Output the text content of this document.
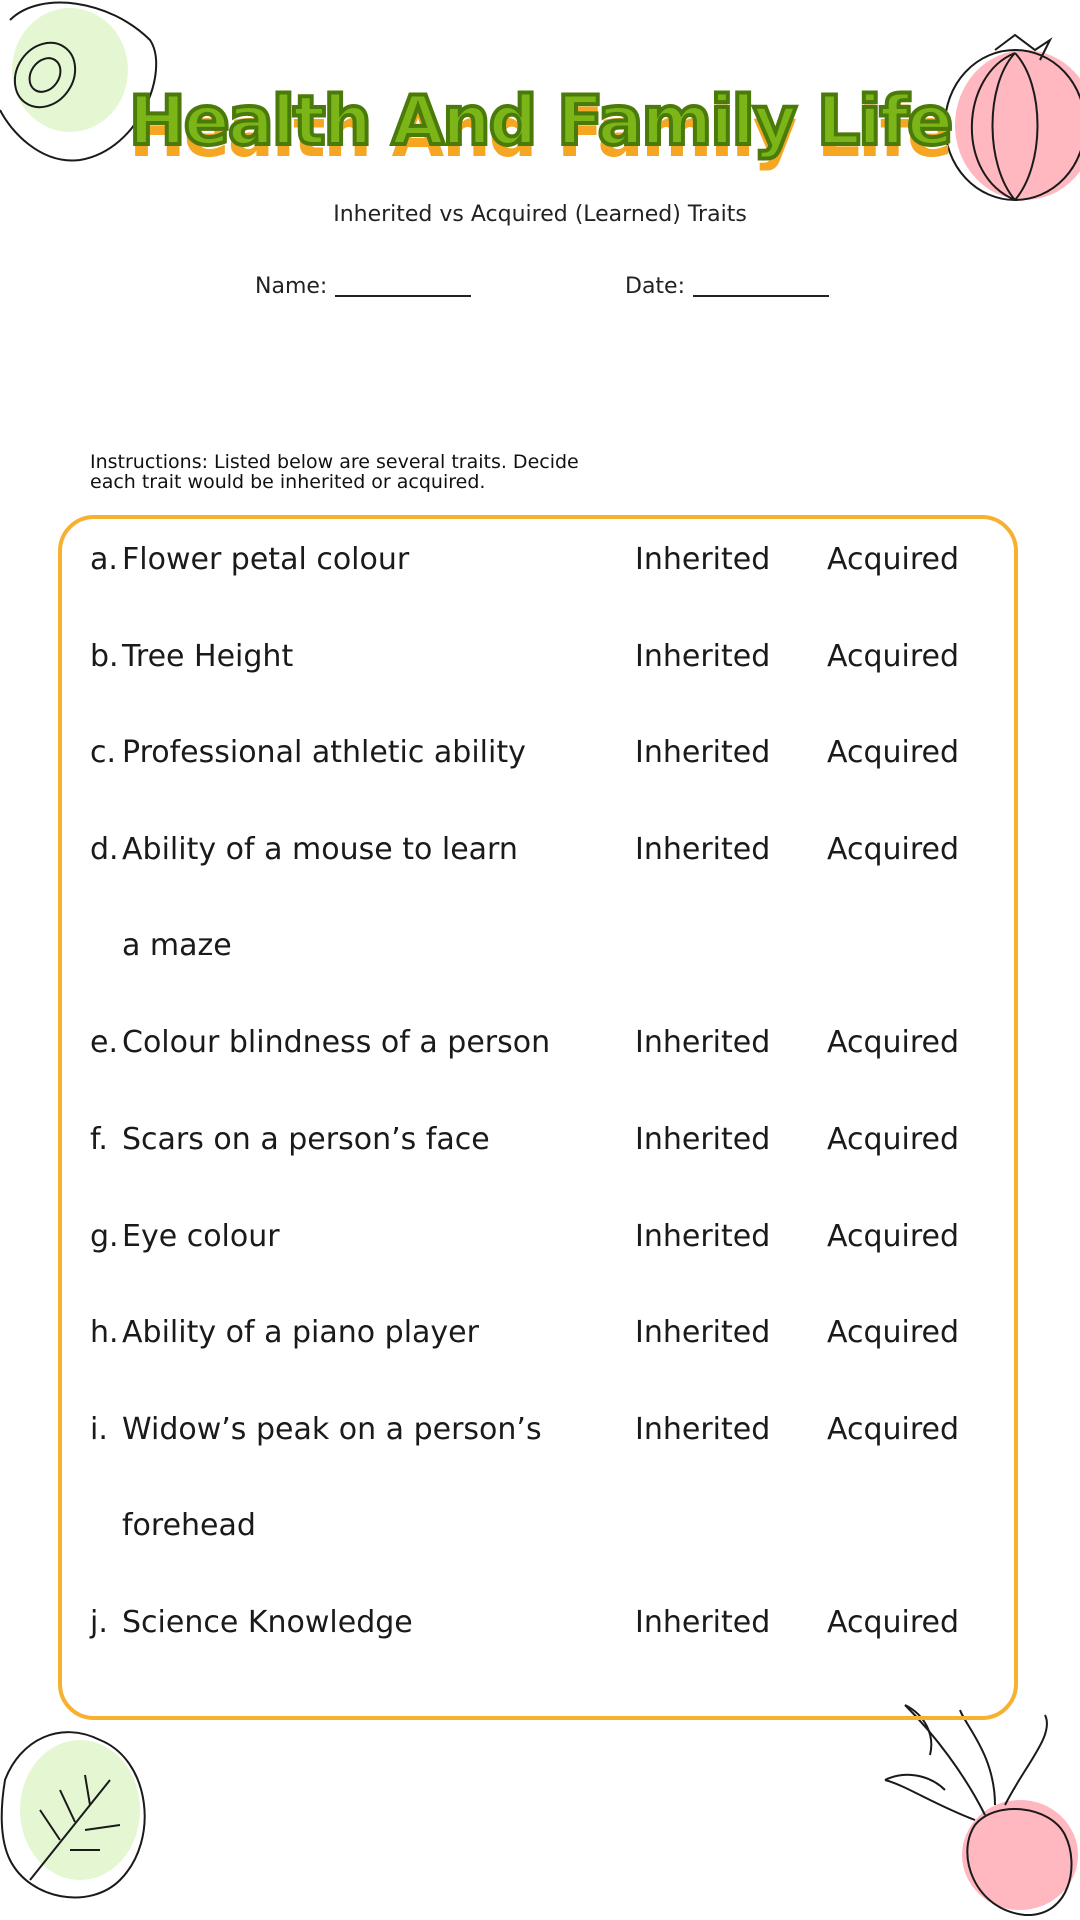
Health And Family Life
Inherited vs Acquired (Learned) Traits
Name:	Date:
Instructions: Listed below are several traits. Decide
each trait would be inherited or acquired.
a. Flower petal colour	Inherited Acquired
b. Tree Height	Inherited Acquired
c. Professional athletic ability	Inherited Acquired
d. Ability of a mouse to learn	Inherited Acquired
a maze
e. Colour blindness of a person	Inherited Acquired
f. Scars on a person’s face	Inherited Acquired
g. Eye colour	Inherited Acquired
h. Ability of a piano player	Inherited Acquired
i. Widow’s peak on a person’s	Inherited Acquired
forehead
j. Science Knowledge	Inherited Acquired
